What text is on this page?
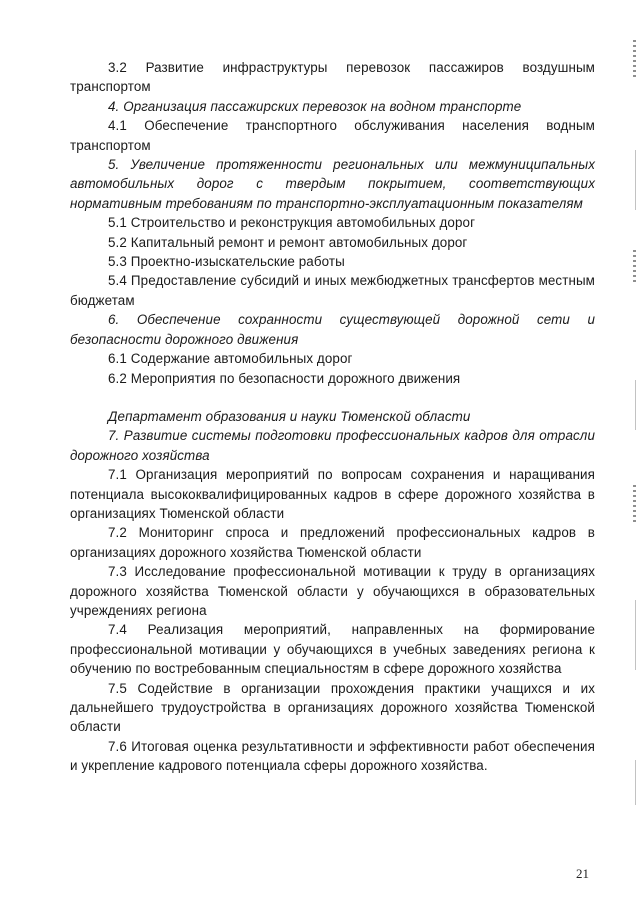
3.2 Развитие инфраструктуры перевозок пассажиров воздушным транспортом

4. Организация пассажирских перевозок на водном транспорте

4.1 Обеспечение транспортного обслуживания населения водным транспортом

5. Увеличение протяженности региональных или межмуниципальных автомобильных дорог с твердым покрытием, соответствующих нормативным требованиям по транспортно-эксплуатационным показателям

5.1 Строительство и реконструкция автомобильных дорог

5.2 Капитальный ремонт и ремонт автомобильных дорог

5.3 Проектно-изыскательские работы

5.4 Предоставление субсидий и иных межбюджетных трансфертов местным бюджетам

6. Обеспечение сохранности существующей дорожной сети и безопасности дорожного движения

6.1 Содержание автомобильных дорог

6.2 Мероприятия по безопасности дорожного движения

Департамент образования и науки Тюменской области

7. Развитие системы подготовки профессиональных кадров для отрасли дорожного хозяйства

7.1 Организация мероприятий по вопросам сохранения и наращивания потенциала высококвалифицированных кадров в сфере дорожного хозяйства в организациях Тюменской области

7.2 Мониторинг спроса и предложений профессиональных кадров в организациях дорожного хозяйства Тюменской области

7.3 Исследование профессиональной мотивации к труду в организациях дорожного хозяйства Тюменской области у обучающихся в образовательных учреждениях региона

7.4 Реализация мероприятий, направленных на формирование профессиональной мотивации у обучающихся в учебных заведениях региона к обучению по востребованным специальностям в сфере дорожного хозяйства

7.5 Содействие в организации прохождения практики учащихся и их дальнейшего трудоустройства в организациях дорожного хозяйства Тюменской области

7.6 Итоговая оценка результативности и эффективности работ обеспечения и укрепление кадрового потенциала сферы дорожного хозяйства.

21
